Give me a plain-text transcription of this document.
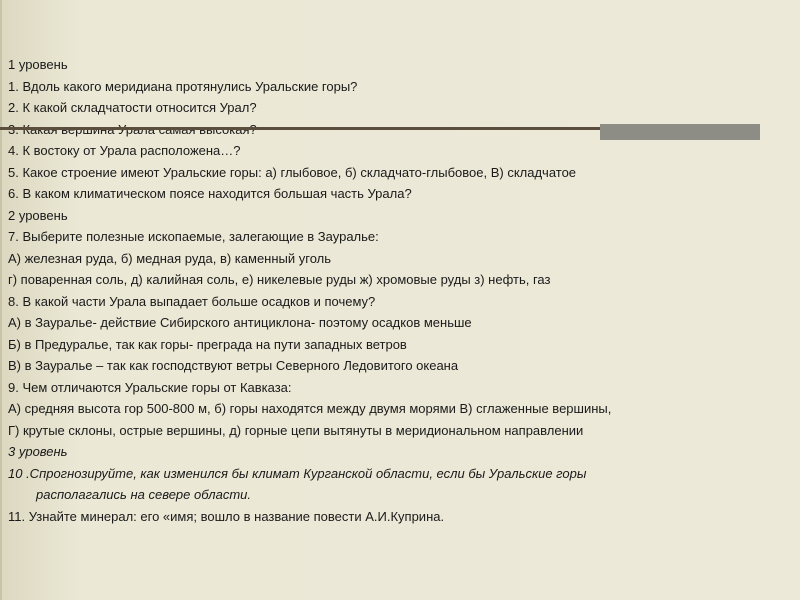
1 уровень
1. Вдоль какого меридиана протянулись Уральские горы?
2. К какой складчатости относится Урал?
4. К востоку от Урала расположена…?
5. Какое строение имеют Уральские горы: а) глыбовое, б) складчато-глыбовое, В) складчатое
6. В каком климатическом поясе находится большая часть Урала?
2 уровень
7. Выберите полезные ископаемые, залегающие в Зауралье:
А) железная руда, б) медная руда, в) каменный уголь
г) поваренная соль, д) калийная соль, е) никелевые руды ж) хромовые руды з) нефть, газ
8. В какой части Урала выпадает больше осадков и почему?
А) в Зауралье- действие Сибирского антициклона- поэтому осадков меньше
Б) в Предуралье, так как горы- преграда на пути западных ветров
В) в Зауралье – так как господствуют ветры Северного Ледовитого океана
9. Чем отличаются Уральские горы от Кавказа:
А) средняя высота гор 500-800 м, б) горы находятся между двумя морями В) сглаженные вершины,
Г) крутые склоны, острые вершины, д) горные цепи вытянуты в меридиональном направлении
3 уровень
10 .Спрогнозируйте, как изменился бы климат Курганской области, если бы Уральские горы
располагались на севере области.
11. Узнайте минерал: его «имя; вошло в название повести А.И.Куприна.
